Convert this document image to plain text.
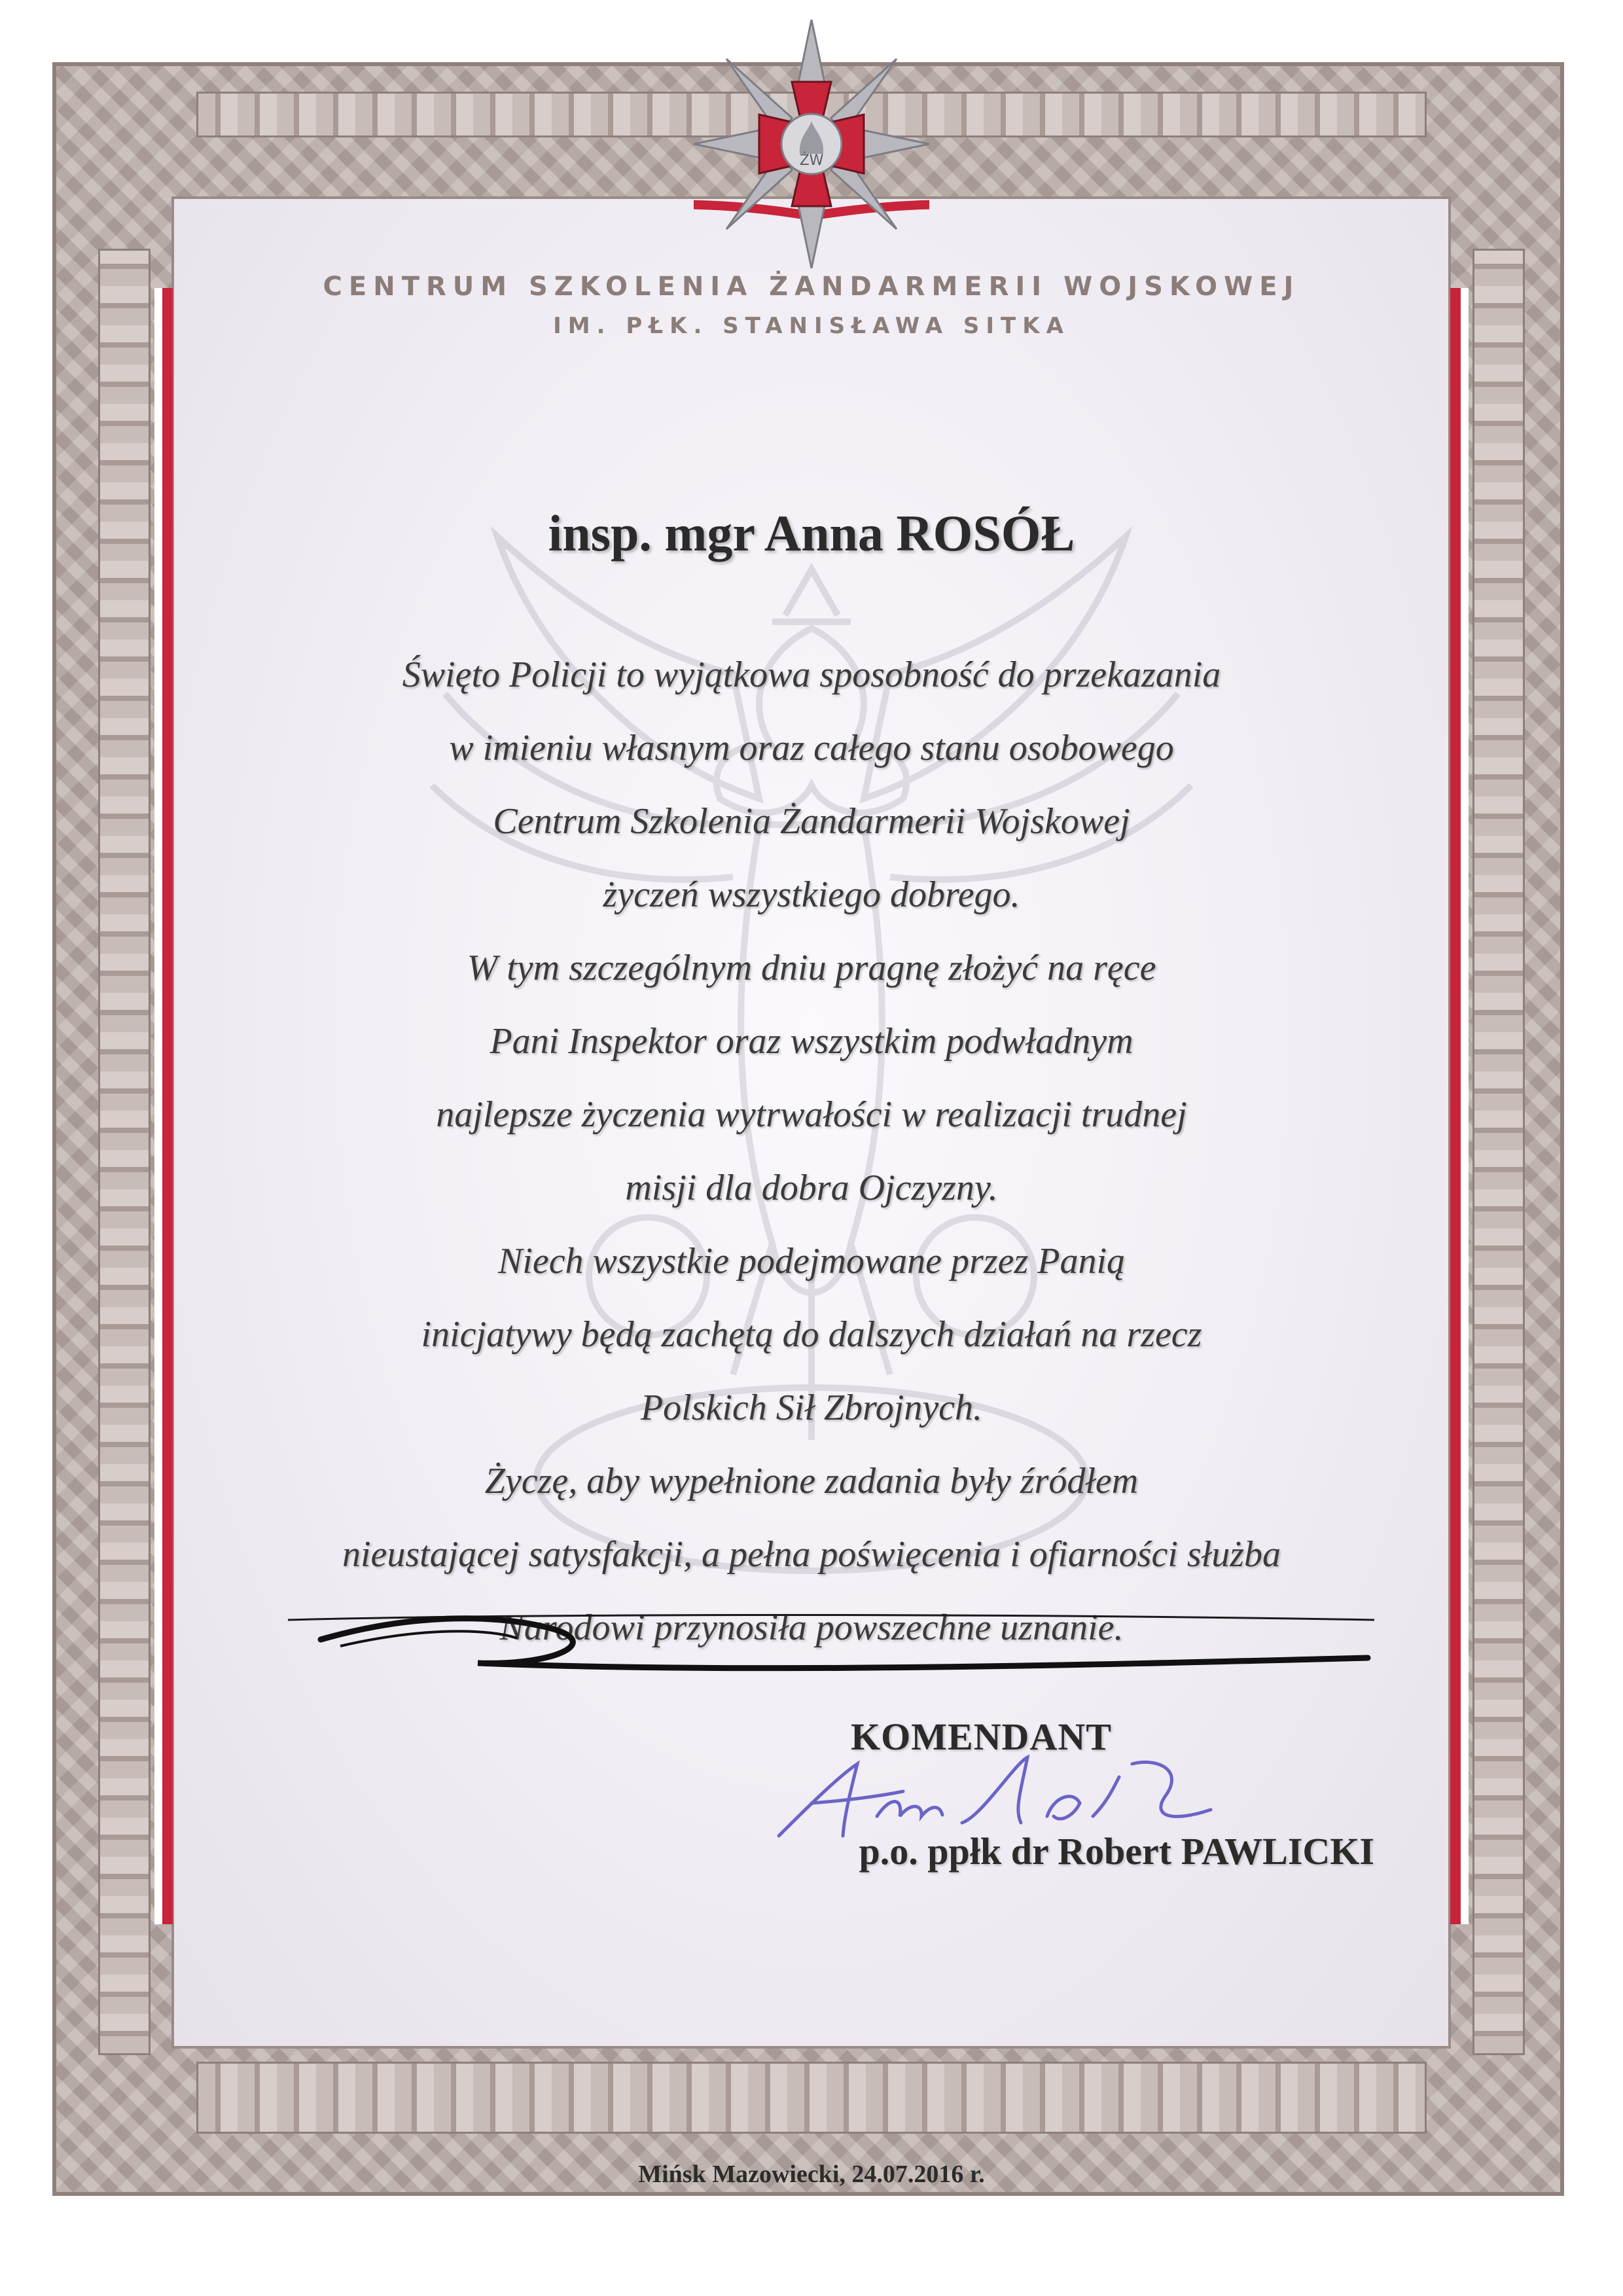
ŻW
CENTRUM SZKOLENIA ŻANDARMERII WOJSKOWEJ
IM. PŁK. STANISŁAWA SITKA
insp. mgr Anna ROSÓŁ
Święto Policji to wyjątkowa sposobność do przekazania
w imieniu własnym oraz całego stanu osobowego
Centrum Szkolenia Żandarmerii Wojskowej
życzeń wszystkiego dobrego.
W tym szczególnym dniu pragnę złożyć na ręce
Pani Inspektor oraz wszystkim podwładnym
najlepsze życzenia wytrwałości w realizacji trudnej
misji dla dobra Ojczyzny.
Niech wszystkie podejmowane przez Panią
inicjatywy będą zachętą do dalszych działań na rzecz
Polskich Sił Zbrojnych.
Życzę, aby wypełnione zadania były źródłem
nieustającej satysfakcji, a pełna poświęcenia i ofiarności służba
Narodowi przynosiła powszechne uznanie.

KOMENDANT

p.o. ppłk dr Robert PAWLICKI

Mińsk Mazowiecki, 24.07.2016 r.
